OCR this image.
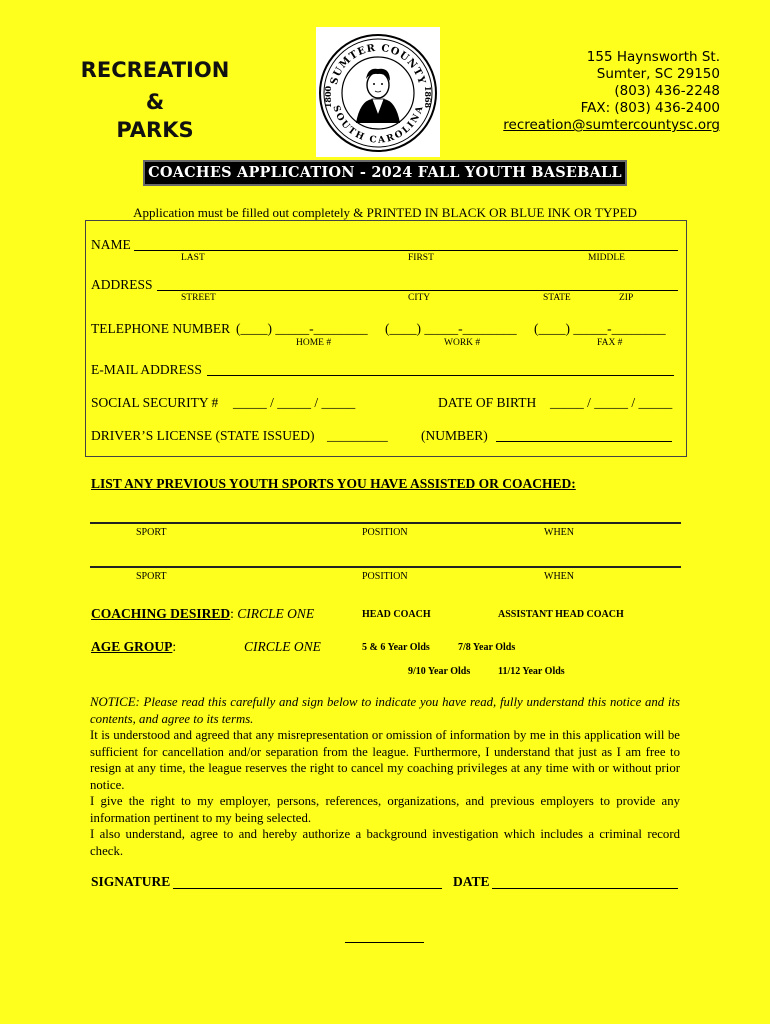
RECREATION
&
PARKS
SUMTER COUNTY
SOUTH CAROLINA
1800	1868
155 Haynsworth St.
Sumter, SC 29150
(803) 436-2248
FAX: (803) 436-2400
recreation@sumtercountysc.org
COACHES APPLICATION - 2024 FALL YOUTH BASEBALL
Application must be filled out completely & PRINTED IN BLACK OR BLUE INK OR TYPED
NAME
LAST	FIRST	MIDDLE
ADDRESS
STREET	CITY	STATE	ZIP
TELEPHONE NUMBER (____) _____-________ (____) _____-________ (____) _____-________
HOME #	WORK #	FAX #
E-MAIL ADDRESS
SOCIAL SECURITY # _____ / _____ / _____	DATE OF BIRTH _____ / _____ / _____
DRIVER’S LICENSE (STATE ISSUED) _________ (NUMBER)
LIST ANY PREVIOUS YOUTH SPORTS YOU HAVE ASSISTED OR COACHED:
SPORT	POSITION	WHEN
SPORT	POSITION	WHEN
COACHING DESIRED: CIRCLE ONE	HEAD COACH	ASSISTANT HEAD COACH
AGE GROUP:	CIRCLE ONE	5 & 6 Year Olds	7/8 Year Olds
9/10 Year Olds	11/12 Year Olds

NOTICE: Please read this carefully and sign below to indicate you have read, fully understand this notice and its contents, and agree to its terms.

It is understood and agreed that any misrepresentation or omission of information by me in this application will be sufficient for cancellation and/or separation from the league. Furthermore, I understand that just as I am free to resign at any time, the league reserves the right to cancel my coaching privileges at any time with or without prior notice.

I give the right to my employer, persons, references, organizations, and previous employers to provide any information pertinent to my being selected.

I also understand, agree to and hereby authorize a background investigation which includes a criminal record check.

SIGNATURE	DATE
